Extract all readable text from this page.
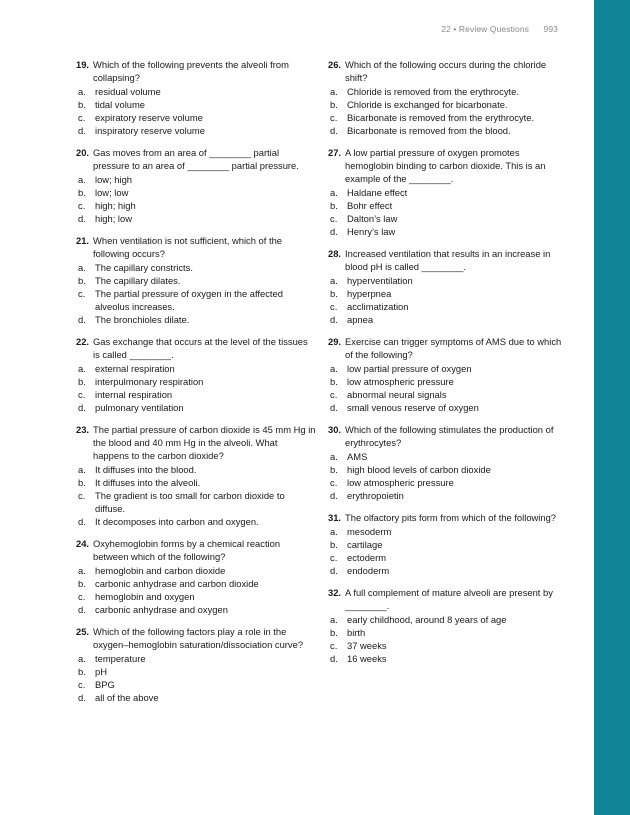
22 • Review Questions 993
19. Which of the following prevents the alveoli from collapsing?
a. residual volume
b. tidal volume
c.	expiratory reserve volume
d. inspiratory reserve volume
20. Gas moves from an area of ________ partial pressure to an area of ________ partial pressure.
a. low; high
b. low; low
c.	high; high
d. high; low
21. When ventilation is not sufficient, which of the following occurs?
a. The capillary constricts.
b. The capillary dilates.
c.	The partial pressure of oxygen in the affected alveolus increases.
d. The bronchioles dilate.
22. Gas exchange that occurs at the level of the tissues is called ________.
a. external respiration
b. interpulmonary respiration
c.	internal respiration
d. pulmonary ventilation
23. The partial pressure of carbon dioxide is 45 mm Hg in the blood and 40 mm Hg in the alveoli. What happens to the carbon dioxide?
a. It diffuses into the blood.
b. It diffuses into the alveoli.
c.	The gradient is too small for carbon dioxide to diffuse.
d. It decomposes into carbon and oxygen.
24. Oxyhemoglobin forms by a chemical reaction between which of the following?
a. hemoglobin and carbon dioxide
b. carbonic anhydrase and carbon dioxide
c.	hemoglobin and oxygen
d. carbonic anhydrase and oxygen
25. Which of the following factors play a role in the oxygen–hemoglobin saturation/dissociation curve?
a. temperature
b. pH
c.	BPG
d. all of the above
26. Which of the following occurs during the chloride shift?
a. Chloride is removed from the erythrocyte.
b. Chloride is exchanged for bicarbonate.
c.	Bicarbonate is removed from the erythrocyte.
d. Bicarbonate is removed from the blood.
27. A low partial pressure of oxygen promotes hemoglobin binding to carbon dioxide. This is an example of the ________.
a. Haldane effect
b. Bohr effect
c.	Dalton’s law
d. Henry’s law
28. Increased ventilation that results in an increase in blood pH is called ________.
a. hyperventilation
b. hyperpnea
c.	acclimatization
d. apnea
29. Exercise can trigger symptoms of AMS due to which of the following?
a. low partial pressure of oxygen
b. low atmospheric pressure
c.	abnormal neural signals
d. small venous reserve of oxygen
30. Which of the following stimulates the production of erythrocytes?
a. AMS
b. high blood levels of carbon dioxide
c.	low atmospheric pressure
d. erythropoietin
31. The olfactory pits form from which of the following?
a. mesoderm
b. cartilage
c.	ectoderm
d. endoderm
32. A full complement of mature alveoli are present by ________.
a. early childhood, around 8 years of age
b. birth
c.	37 weeks
d. 16 weeks
